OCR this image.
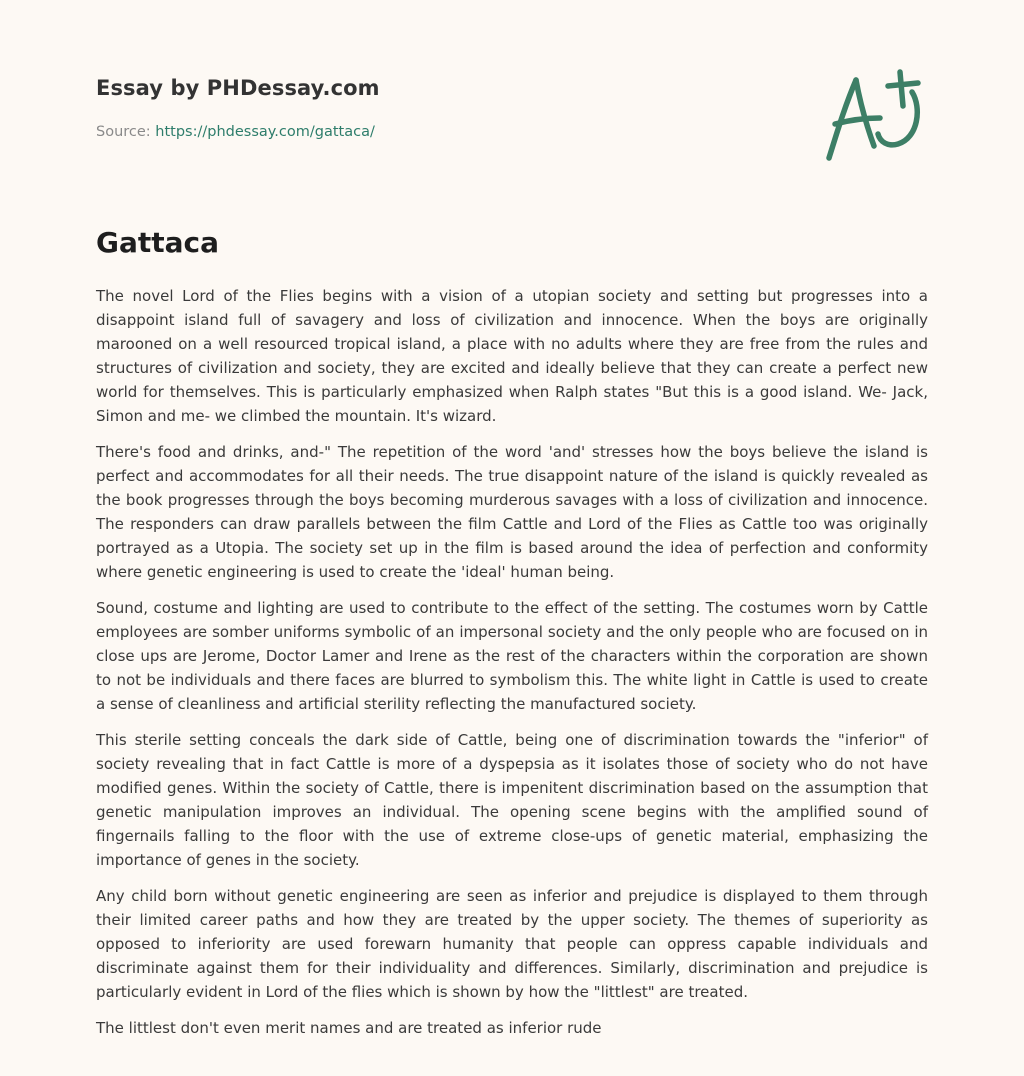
Essay by PHDessay.com

Source: https://phdessay.com/gattaca/

Gattaca

The novel Lord of the Flies begins with a vision of a utopian society and setting but progresses into a disappoint island full of savagery and loss of civilization and innocence. When the boys are originally marooned on a well resourced tropical island, a place with no adults where they are free from the rules and structures of civilization and society, they are excited and ideally believe that they can create a perfect new world for themselves. This is particularly emphasized when Ralph states "But this is a good island. We- Jack, Simon and me- we climbed the mountain. It's wizard.

There's food and drinks, and-" The repetition of the word 'and' stresses how the boys believe the island is perfect and accommodates for all their needs. The true disappoint nature of the island is quickly revealed as the book progresses through the boys becoming murderous savages with a loss of civilization and innocence. The responders can draw parallels between the film Cattle and Lord of the Flies as Cattle too was originally portrayed as a Utopia. The society set up in the film is based around the idea of perfection and conformity where genetic engineering is used to create the 'ideal' human being.

Sound, costume and lighting are used to contribute to the effect of the setting. The costumes worn by Cattle employees are somber uniforms symbolic of an impersonal society and the only people who are focused on in close ups are Jerome, Doctor Lamer and Irene as the rest of the characters within the corporation are shown to not be individuals and there faces are blurred to symbolism this. The white light in Cattle is used to create a sense of cleanliness and artificial sterility reflecting the manufactured society.

This sterile setting conceals the dark side of Cattle, being one of discrimination towards the "inferior" of society revealing that in fact Cattle is more of a dyspepsia as it isolates those of society who do not have modified genes. Within the society of Cattle, there is impenitent discrimination based on the assumption that genetic manipulation improves an individual. The opening scene begins with the amplified sound of fingernails falling to the floor with the use of extreme close-ups of genetic material, emphasizing the importance of genes in the society.

Any child born without genetic engineering are seen as inferior and prejudice is displayed to them through their limited career paths and how they are treated by the upper society. The themes of superiority as opposed to inferiority are used forewarn humanity that people can oppress capable individuals and discriminate against them for their individuality and differences. Similarly, discrimination and prejudice is particularly evident in Lord of the flies which is shown by how the "littlest" are treated.

The littlest don't even merit names and are treated as inferior rude
